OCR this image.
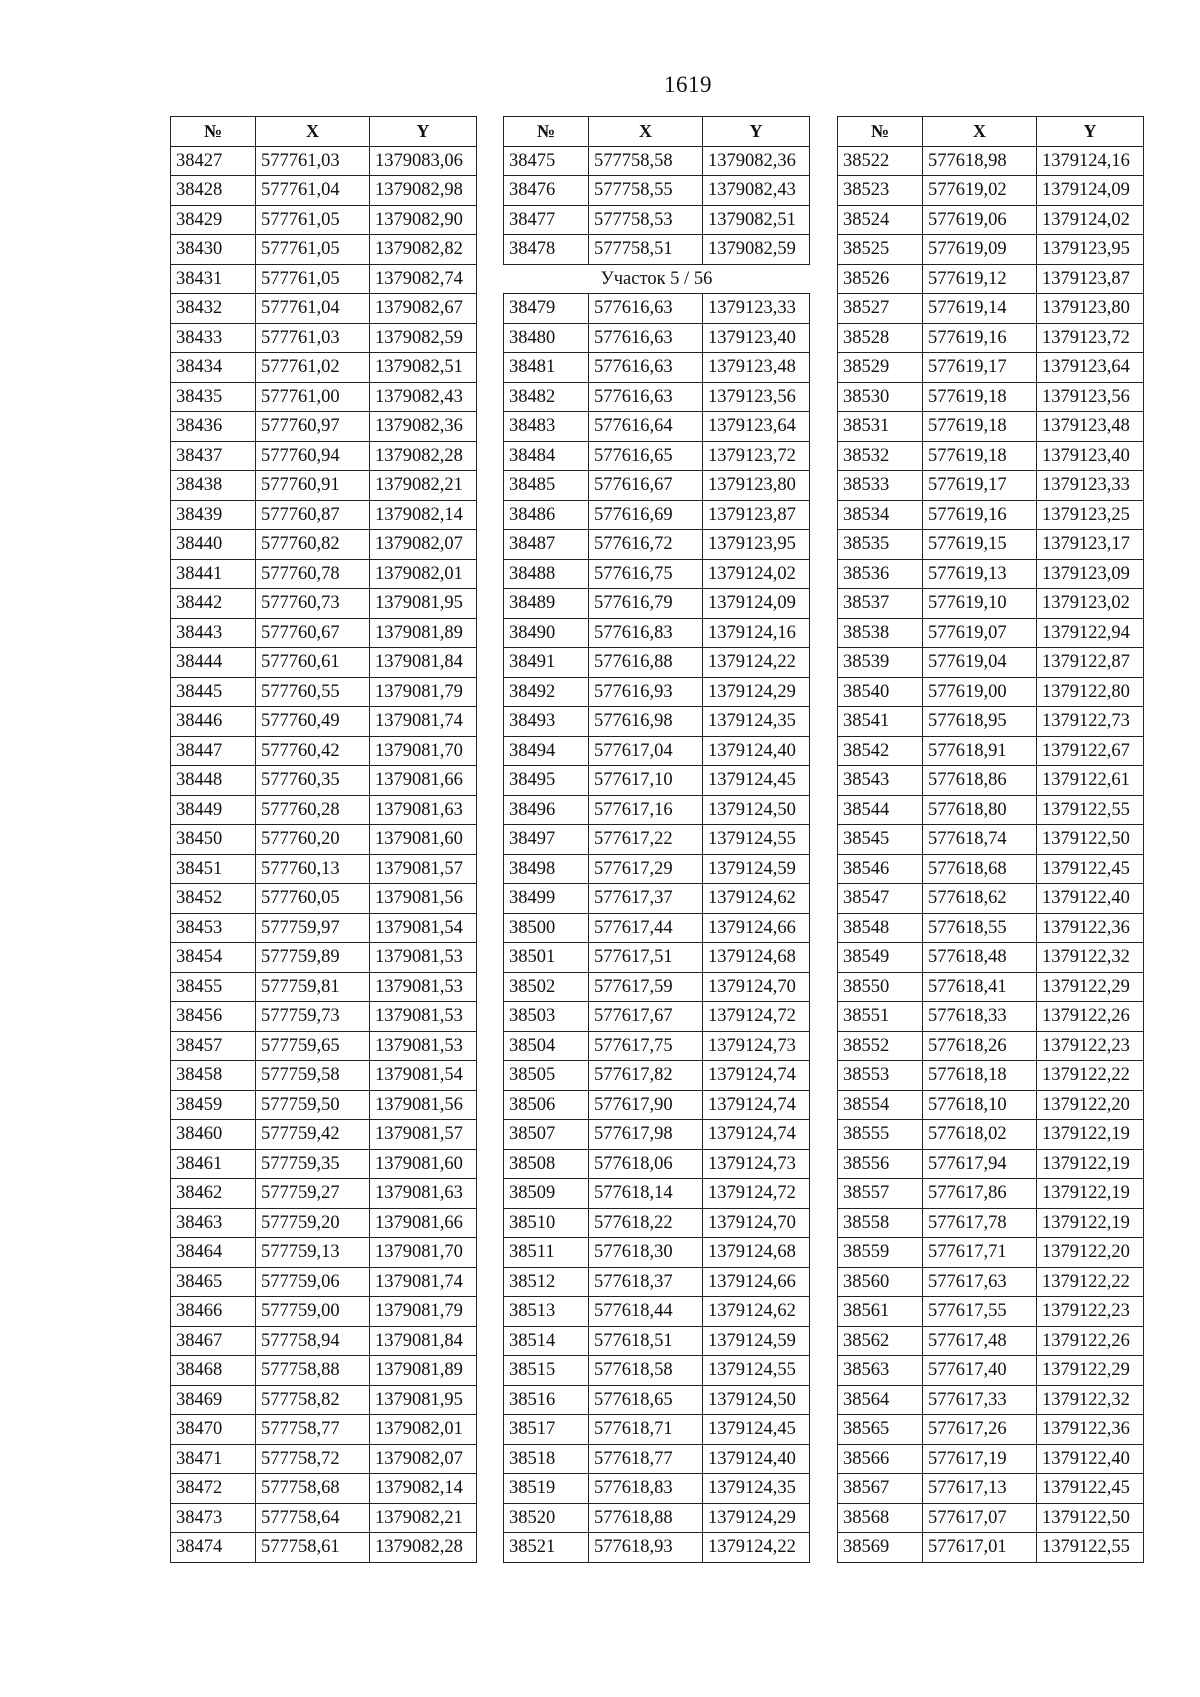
1619
№	X	Y
38427	577761,03	1379083,06
38428	577761,04	1379082,98
38429	577761,05	1379082,90
38430	577761,05	1379082,82
38431	577761,05	1379082,74
38432	577761,04	1379082,67
38433	577761,03	1379082,59
38434	577761,02	1379082,51
38435	577761,00	1379082,43
38436	577760,97	1379082,36
38437	577760,94	1379082,28
38438	577760,91	1379082,21
38439	577760,87	1379082,14
38440	577760,82	1379082,07
38441	577760,78	1379082,01
38442	577760,73	1379081,95
38443	577760,67	1379081,89
38444	577760,61	1379081,84
38445	577760,55	1379081,79
38446	577760,49	1379081,74
38447	577760,42	1379081,70
38448	577760,35	1379081,66
38449	577760,28	1379081,63
38450	577760,20	1379081,60
38451	577760,13	1379081,57
38452	577760,05	1379081,56
38453	577759,97	1379081,54
38454	577759,89	1379081,53
38455	577759,81	1379081,53
38456	577759,73	1379081,53
38457	577759,65	1379081,53
38458	577759,58	1379081,54
38459	577759,50	1379081,56
38460	577759,42	1379081,57
38461	577759,35	1379081,60
38462	577759,27	1379081,63
38463	577759,20	1379081,66
38464	577759,13	1379081,70
38465	577759,06	1379081,74
38466	577759,00	1379081,79
38467	577758,94	1379081,84
38468	577758,88	1379081,89
38469	577758,82	1379081,95
38470	577758,77	1379082,01
38471	577758,72	1379082,07
38472	577758,68	1379082,14
38473	577758,64	1379082,21
38474	577758,61	1379082,28
№	X	Y
38475	577758,58	1379082,36
38476	577758,55	1379082,43
38477	577758,53	1379082,51
38478	577758,51	1379082,59
Участок 5 / 56		
38479	577616,63	1379123,33
38480	577616,63	1379123,40
38481	577616,63	1379123,48
38482	577616,63	1379123,56
38483	577616,64	1379123,64
38484	577616,65	1379123,72
38485	577616,67	1379123,80
38486	577616,69	1379123,87
38487	577616,72	1379123,95
38488	577616,75	1379124,02
38489	577616,79	1379124,09
38490	577616,83	1379124,16
38491	577616,88	1379124,22
38492	577616,93	1379124,29
38493	577616,98	1379124,35
38494	577617,04	1379124,40
38495	577617,10	1379124,45
38496	577617,16	1379124,50
38497	577617,22	1379124,55
38498	577617,29	1379124,59
38499	577617,37	1379124,62
38500	577617,44	1379124,66
38501	577617,51	1379124,68
38502	577617,59	1379124,70
38503	577617,67	1379124,72
38504	577617,75	1379124,73
38505	577617,82	1379124,74
38506	577617,90	1379124,74
38507	577617,98	1379124,74
38508	577618,06	1379124,73
38509	577618,14	1379124,72
38510	577618,22	1379124,70
38511	577618,30	1379124,68
38512	577618,37	1379124,66
38513	577618,44	1379124,62
38514	577618,51	1379124,59
38515	577618,58	1379124,55
38516	577618,65	1379124,50
38517	577618,71	1379124,45
38518	577618,77	1379124,40
38519	577618,83	1379124,35
38520	577618,88	1379124,29
38521	577618,93	1379124,22
№	X	Y
38522	577618,98	1379124,16
38523	577619,02	1379124,09
38524	577619,06	1379124,02
38525	577619,09	1379123,95
38526	577619,12	1379123,87
38527	577619,14	1379123,80
38528	577619,16	1379123,72
38529	577619,17	1379123,64
38530	577619,18	1379123,56
38531	577619,18	1379123,48
38532	577619,18	1379123,40
38533	577619,17	1379123,33
38534	577619,16	1379123,25
38535	577619,15	1379123,17
38536	577619,13	1379123,09
38537	577619,10	1379123,02
38538	577619,07	1379122,94
38539	577619,04	1379122,87
38540	577619,00	1379122,80
38541	577618,95	1379122,73
38542	577618,91	1379122,67
38543	577618,86	1379122,61
38544	577618,80	1379122,55
38545	577618,74	1379122,50
38546	577618,68	1379122,45
38547	577618,62	1379122,40
38548	577618,55	1379122,36
38549	577618,48	1379122,32
38550	577618,41	1379122,29
38551	577618,33	1379122,26
38552	577618,26	1379122,23
38553	577618,18	1379122,22
38554	577618,10	1379122,20
38555	577618,02	1379122,19
38556	577617,94	1379122,19
38557	577617,86	1379122,19
38558	577617,78	1379122,19
38559	577617,71	1379122,20
38560	577617,63	1379122,22
38561	577617,55	1379122,23
38562	577617,48	1379122,26
38563	577617,40	1379122,29
38564	577617,33	1379122,32
38565	577617,26	1379122,36
38566	577617,19	1379122,40
38567	577617,13	1379122,45
38568	577617,07	1379122,50
38569	577617,01	1379122,55
